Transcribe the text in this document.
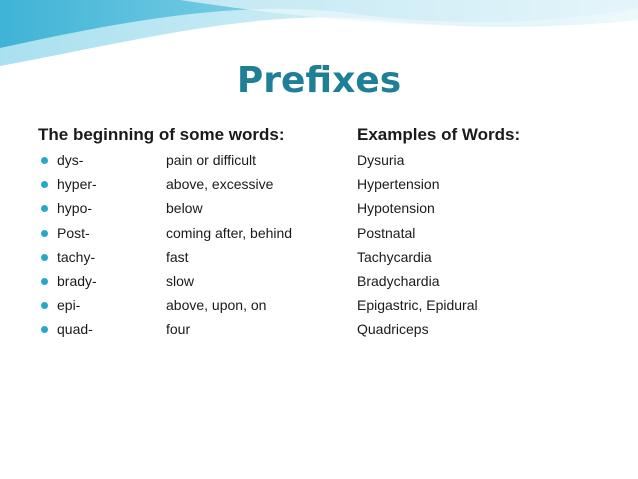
Prefixes
The beginning of some words:	Examples of Words:
dys-	pain or difficult	Dysuria
hyper-	above, excessive	Hypertension
hypo-	below	Hypotension
Post-	coming after, behind	Postnatal
tachy-	fast	Tachycardia
brady-	slow	Bradychardia
epi-	above, upon, on	Epigastric, Epidural
quad-	four	Quadriceps
